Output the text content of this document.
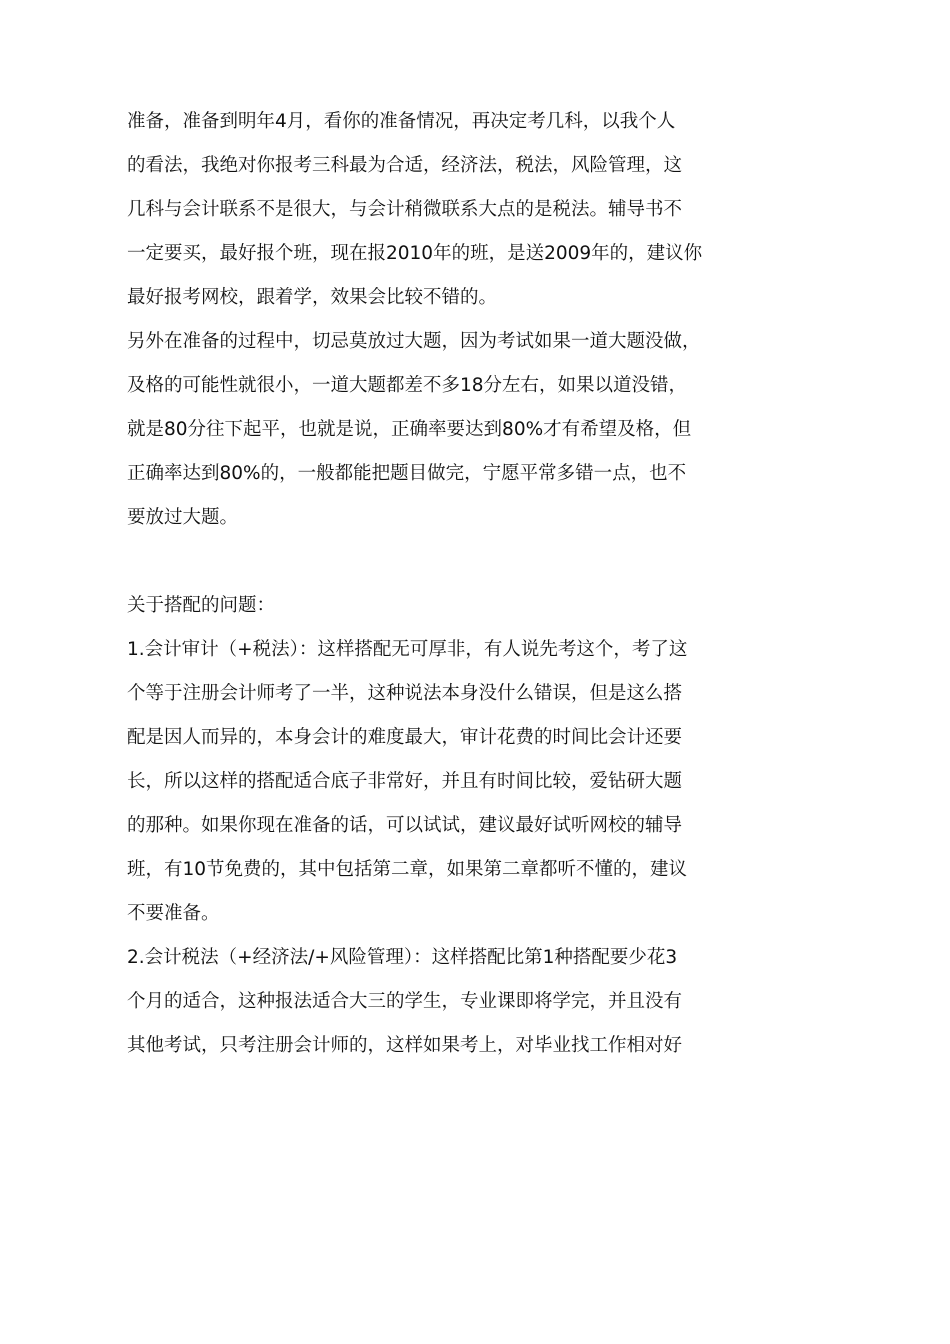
准备，准备到明年4月，看你的准备情况，再决定考几科，以我个人
的看法，我绝对你报考三科最为合适，经济法，税法，风险管理，这
几科与会计联系不是很大，与会计稍微联系大点的是税法。辅导书不
一定要买，最好报个班，现在报2010年的班，是送2009年的，建议你
最好报考网校，跟着学，效果会比较不错的。
另外在准备的过程中，切忌莫放过大题，因为考试如果一道大题没做，
及格的可能性就很小，一道大题都差不多18分左右，如果以道没错，
就是80分往下起平，也就是说，正确率要达到80%才有希望及格，但
正确率达到80%的，一般都能把题目做完，宁愿平常多错一点，也不
要放过大题。
关于搭配的问题：
1.会计审计（+税法）：这样搭配无可厚非，有人说先考这个，考了这
个等于注册会计师考了一半，这种说法本身没什么错误，但是这么搭
配是因人而异的，本身会计的难度最大，审计花费的时间比会计还要
长，所以这样的搭配适合底子非常好，并且有时间比较，爱钻研大题
的那种。如果你现在准备的话，可以试试，建议最好试听网校的辅导
班，有10节免费的，其中包括第二章，如果第二章都听不懂的，建议
不要准备。
2.会计税法（+经济法/+风险管理）：这样搭配比第1种搭配要少花3
个月的适合，这种报法适合大三的学生，专业课即将学完，并且没有
其他考试，只考注册会计师的，这样如果考上，对毕业找工作相对好
